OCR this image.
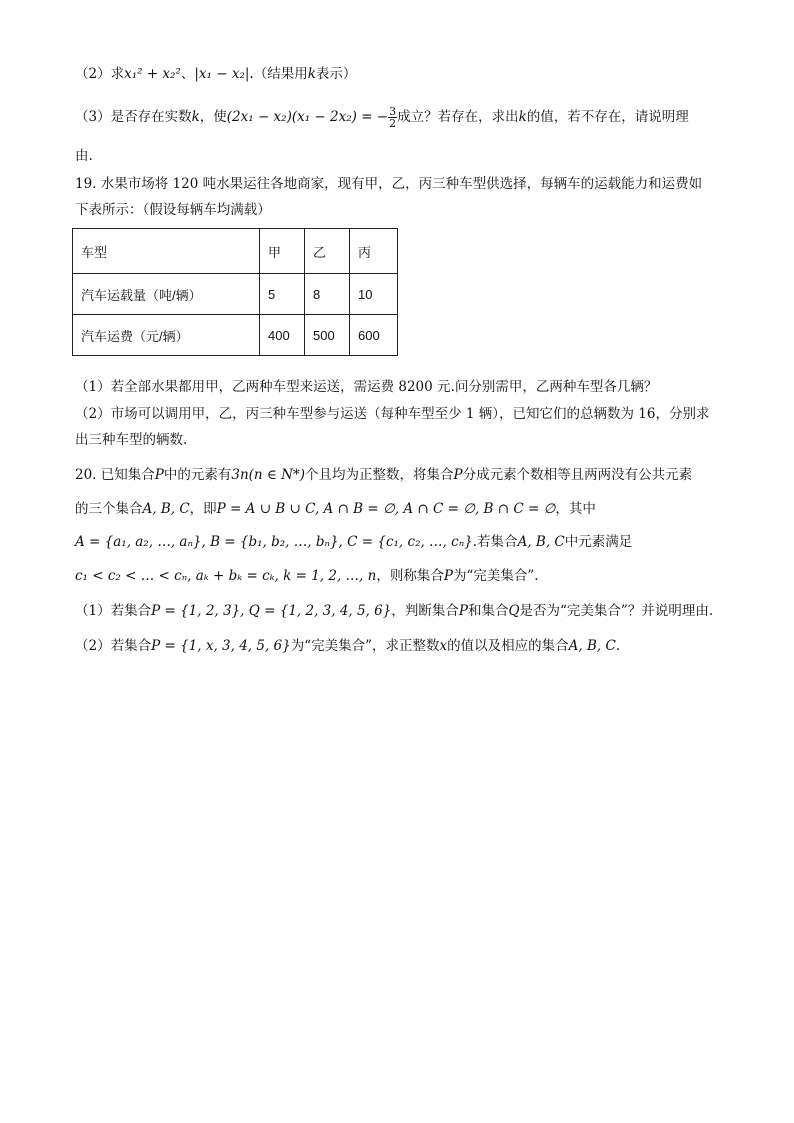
（2）求x₁² + x₂²、|x₁ − x₂|.（结果用k表示）
（3）是否存在实数k，使(2x₁ − x₂)(x₁ − 2x₂) = − $\frac{3}{2}$ 成立？若存在，求出k的值，若不存在，请说明理
由.
19. 水果市场将 120 吨水果运往各地商家，现有甲，乙，丙三种车型供选择，每辆车的运载能力和运费如
下表所示：（假设每辆车均满载）
车型	甲	乙	丙
汽车运载量（吨/辆）	5	8	10
汽车运费（元/辆）	400	500	600
（1）若全部水果都用甲，乙两种车型来运送，需运费 8200 元.问分别需甲，乙两种车型各几辆？
（2）市场可以调用甲，乙，丙三种车型参与运送（每种车型至少 1 辆），已知它们的总辆数为 16，分别求
出三种车型的辆数.
20. 已知集合P中的元素有3n(n ∈ N*)个且均为正整数，将集合P分成元素个数相等且两两没有公共元素
的三个集合A, B, C，即P = A ∪ B ∪ C, A ∩ B = ∅, A ∩ C = ∅, B ∩ C = ∅，其中
A = {a₁, a₂, …, aₙ}, B = {b₁, b₂, …, bₙ}, C = {c₁, c₂, …, cₙ}.若集合A, B, C中元素满足
c₁ < c₂ < … < cₙ, aₖ + bₖ = cₖ, k = 1, 2, …, n，则称集合P为“完美集合”.
（1）若集合P = {1, 2, 3}, Q = {1, 2, 3, 4, 5, 6}，判断集合P和集合Q是否为“完美集合”？并说明理由.
（2）若集合P = {1, x, 3, 4, 5, 6}为“完美集合”，求正整数x的值以及相应的集合A, B, C.
